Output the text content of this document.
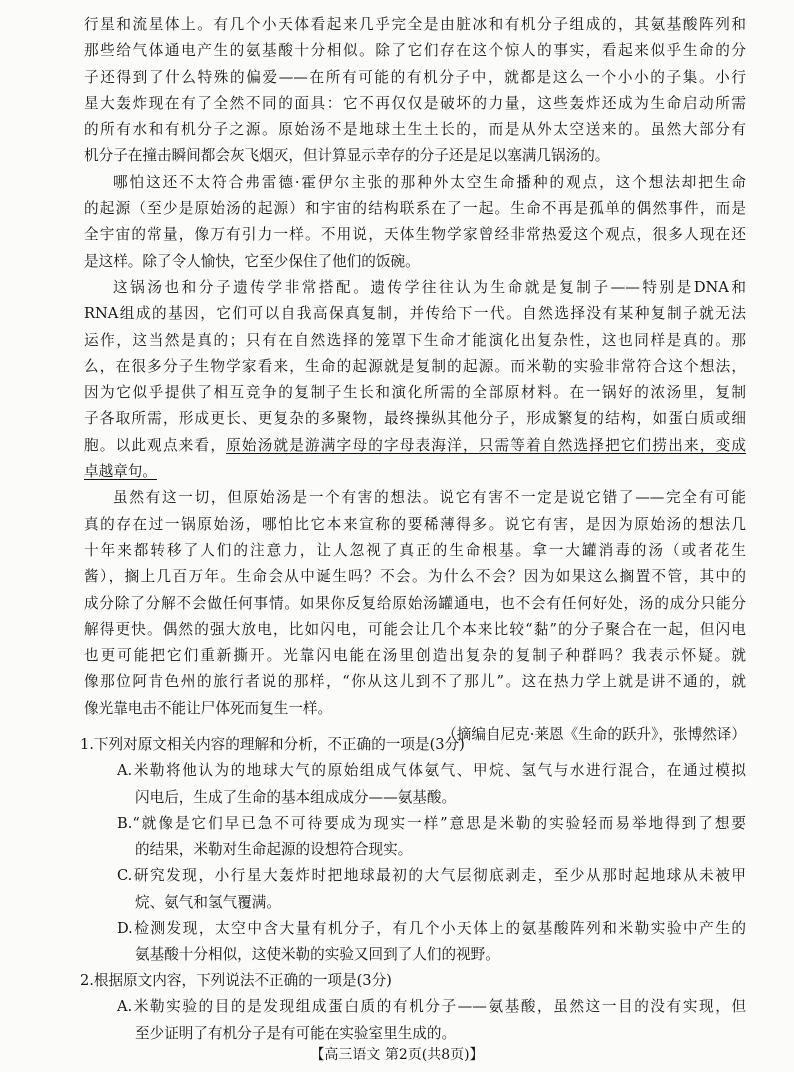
行星和流星体上。有几个小天体看起来几乎完全是由脏冰和有机分子组成的，其氨基酸阵列和
那些给气体通电产生的氨基酸十分相似。除了它们存在这个惊人的事实，看起来似乎生命的分
子还得到了什么特殊的偏爱——在所有可能的有机分子中，就都是这么一个小小的子集。小行
星大轰炸现在有了全然不同的面具：它不再仅仅是破坏的力量，这些轰炸还成为生命启动所需
的所有水和有机分子之源。原始汤不是地球土生土长的，而是从外太空送来的。虽然大部分有
机分子在撞击瞬间都会灰飞烟灭，但计算显示幸存的分子还是足以塞满几锅汤的。
哪怕这还不太符合弗雷德·霍伊尔主张的那种外太空生命播种的观点，这个想法却把生命
的起源（至少是原始汤的起源）和宇宙的结构联系在了一起。生命不再是孤单的偶然事件，而是
全宇宙的常量，像万有引力一样。不用说，天体生物学家曾经非常热爱这个观点，很多人现在还
是这样。除了令人愉快，它至少保住了他们的饭碗。
这锅汤也和分子遗传学非常搭配。遗传学往往认为生命就是复制子——特别是DNA和
RNA组成的基因，它们可以自我高保真复制，并传给下一代。自然选择没有某种复制子就无法
运作，这当然是真的；只有在自然选择的笼罩下生命才能演化出复杂性，这也同样是真的。那
么，在很多分子生物学家看来，生命的起源就是复制的起源。而米勒的实验非常符合这个想法，
因为它似乎提供了相互竞争的复制子生长和演化所需的全部原材料。在一锅好的浓汤里，复制
子各取所需，形成更长、更复杂的多聚物，最终操纵其他分子，形成繁复的结构，如蛋白质或细
胞。以此观点来看，原始汤就是游满字母的字母表海洋，只需等着自然选择把它们捞出来，变成
卓越章句。
虽然有这一切，但原始汤是一个有害的想法。说它有害不一定是说它错了——完全有可能
真的存在过一锅原始汤，哪怕比它本来宣称的要稀薄得多。说它有害，是因为原始汤的想法几
十年来都转移了人们的注意力，让人忽视了真正的生命根基。拿一大罐消毒的汤（或者花生
酱），搁上几百万年。生命会从中诞生吗？不会。为什么不会？因为如果这么搁置不管，其中的
成分除了分解不会做任何事情。如果你反复给原始汤罐通电，也不会有任何好处，汤的成分只能分
解得更快。偶然的强大放电，比如闪电，可能会让几个本来比较“黏”的分子聚合在一起，但闪电
也更可能把它们重新撕开。光靠闪电能在汤里创造出复杂的复制子种群吗？我表示怀疑。就
像那位阿肯色州的旅行者说的那样，“你从这儿到不了那儿”。这在热力学上就是讲不通的，就
像光靠电击不能让尸体死而复生一样。
（摘编自尼克·莱恩《生命的跃升》，张博然译）
1.下列对原文相关内容的理解和分析，不正确的一项是(3分)
A.米勒将他认为的地球大气的原始组成气体氨气、甲烷、氢气与水进行混合，在通过模拟
闪电后，生成了生命的基本组成成分——氨基酸。
B.“就像是它们早已急不可待要成为现实一样”意思是米勒的实验轻而易举地得到了想要
的结果，米勒对生命起源的设想符合现实。
C.研究发现，小行星大轰炸时把地球最初的大气层彻底剥走，至少从那时起地球从未被甲
烷、氨气和氢气覆满。
D.检测发现，太空中含大量有机分子，有几个小天体上的氨基酸阵列和米勒实验中产生的
氨基酸十分相似，这使米勒的实验又回到了人们的视野。
2.根据原文内容，下列说法不正确的一项是(3分)
A.米勒实验的目的是发现组成蛋白质的有机分子——氨基酸，虽然这一目的没有实现，但
至少证明了有机分子是有可能在实验室里生成的。
【高三语文 第2页(共8页)】
